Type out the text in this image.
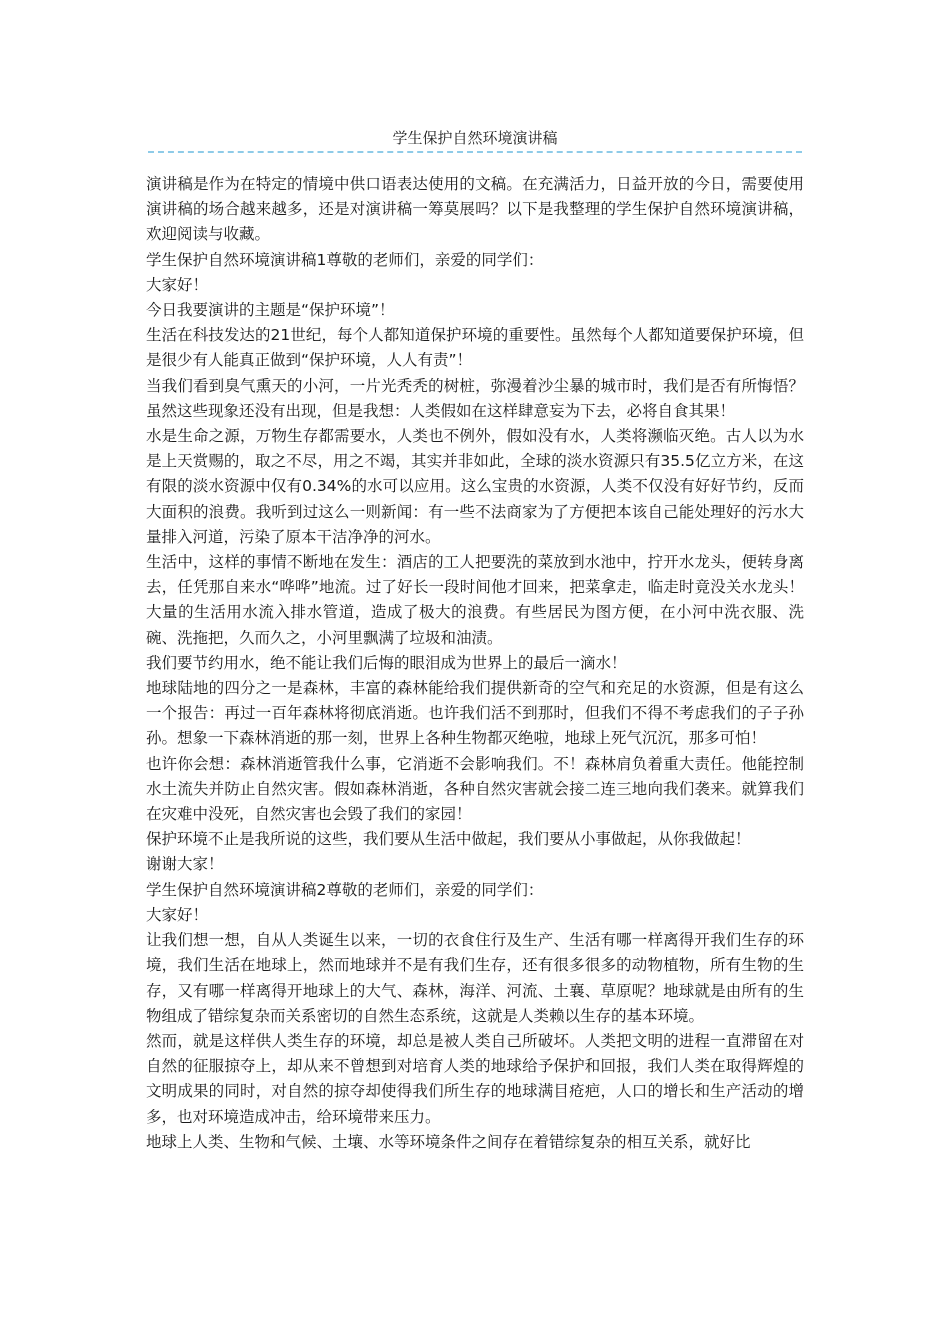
学生保护自然环境演讲稿

演讲稿是作为在特定的情境中供口语表达使用的文稿。在充满活力，日益开放的今日，需要使用演讲稿的场合越来越多，还是对演讲稿一筹莫展吗？以下是我整理的学生保护自然环境演讲稿，欢迎阅读与收藏。

学生保护自然环境演讲稿1尊敬的老师们，亲爱的同学们：

大家好！

今日我要演讲的主题是“保护环境”！

生活在科技发达的21世纪，每个人都知道保护环境的重要性。虽然每个人都知道要保护环境，但是很少有人能真正做到“保护环境，人人有责”！

当我们看到臭气熏天的小河，一片光秃秃的树桩，弥漫着沙尘暴的城市时，我们是否有所悔悟？虽然这些现象还没有出现，但是我想：人类假如在这样肆意妄为下去，必将自食其果！

水是生命之源，万物生存都需要水，人类也不例外，假如没有水，人类将濒临灭绝。古人以为水是上天赏赐的，取之不尽，用之不竭，其实并非如此，全球的淡水资源只有35.5亿立方米，在这有限的淡水资源中仅有0.34%的水可以应用。这么宝贵的水资源，人类不仅没有好好节约，反而大面积的浪费。我听到过这么一则新闻：有一些不法商家为了方便把本该自己能处理好的污水大量排入河道，污染了原本干洁净净的河水。

生活中，这样的事情不断地在发生：酒店的工人把要洗的菜放到水池中，拧开水龙头，便转身离去，任凭那自来水“哗哗”地流。过了好长一段时间他才回来，把菜拿走，临走时竟没关水龙头！大量的生活用水流入排水管道，造成了极大的浪费。有些居民为图方便，在小河中洗衣服、洗碗、洗拖把，久而久之，小河里飘满了垃圾和油渍。

我们要节约用水，绝不能让我们后悔的眼泪成为世界上的最后一滴水！

地球陆地的四分之一是森林，丰富的森林能给我们提供新奇的空气和充足的水资源，但是有这么一个报告：再过一百年森林将彻底消逝。也许我们活不到那时，但我们不得不考虑我们的子子孙孙。想象一下森林消逝的那一刻，世界上各种生物都灭绝啦，地球上死气沉沉，那多可怕！

也许你会想：森林消逝管我什么事，它消逝不会影响我们。不！森林肩负着重大责任。他能控制水土流失并防止自然灾害。假如森林消逝，各种自然灾害就会接二连三地向我们袭来。就算我们在灾难中没死，自然灾害也会毁了我们的家园！

保护环境不止是我所说的这些，我们要从生活中做起，我们要从小事做起，从你我做起！

谢谢大家！

学生保护自然环境演讲稿2尊敬的老师们，亲爱的同学们：

大家好！

让我们想一想，自从人类诞生以来，一切的衣食住行及生产、生活有哪一样离得开我们生存的环境，我们生活在地球上，然而地球并不是有我们生存，还有很多很多的动物植物，所有生物的生存，又有哪一样离得开地球上的大气、森林，海洋、河流、土襄、草原呢？地球就是由所有的生物组成了错综复杂而关系密切的自然生态系统，这就是人类赖以生存的基本环境。

然而，就是这样供人类生存的环境，却总是被人类自己所破坏。人类把文明的进程一直滞留在对自然的征服掠夺上，却从来不曾想到对培育人类的地球给予保护和回报，我们人类在取得辉煌的文明成果的同时，对自然的掠夺却使得我们所生存的地球满目疮疤，人口的增长和生产活动的增多，也对环境造成冲击，给环境带来压力。

地球上人类、生物和气候、土壤、水等环境条件之间存在着错综复杂的相互关系，就好比
